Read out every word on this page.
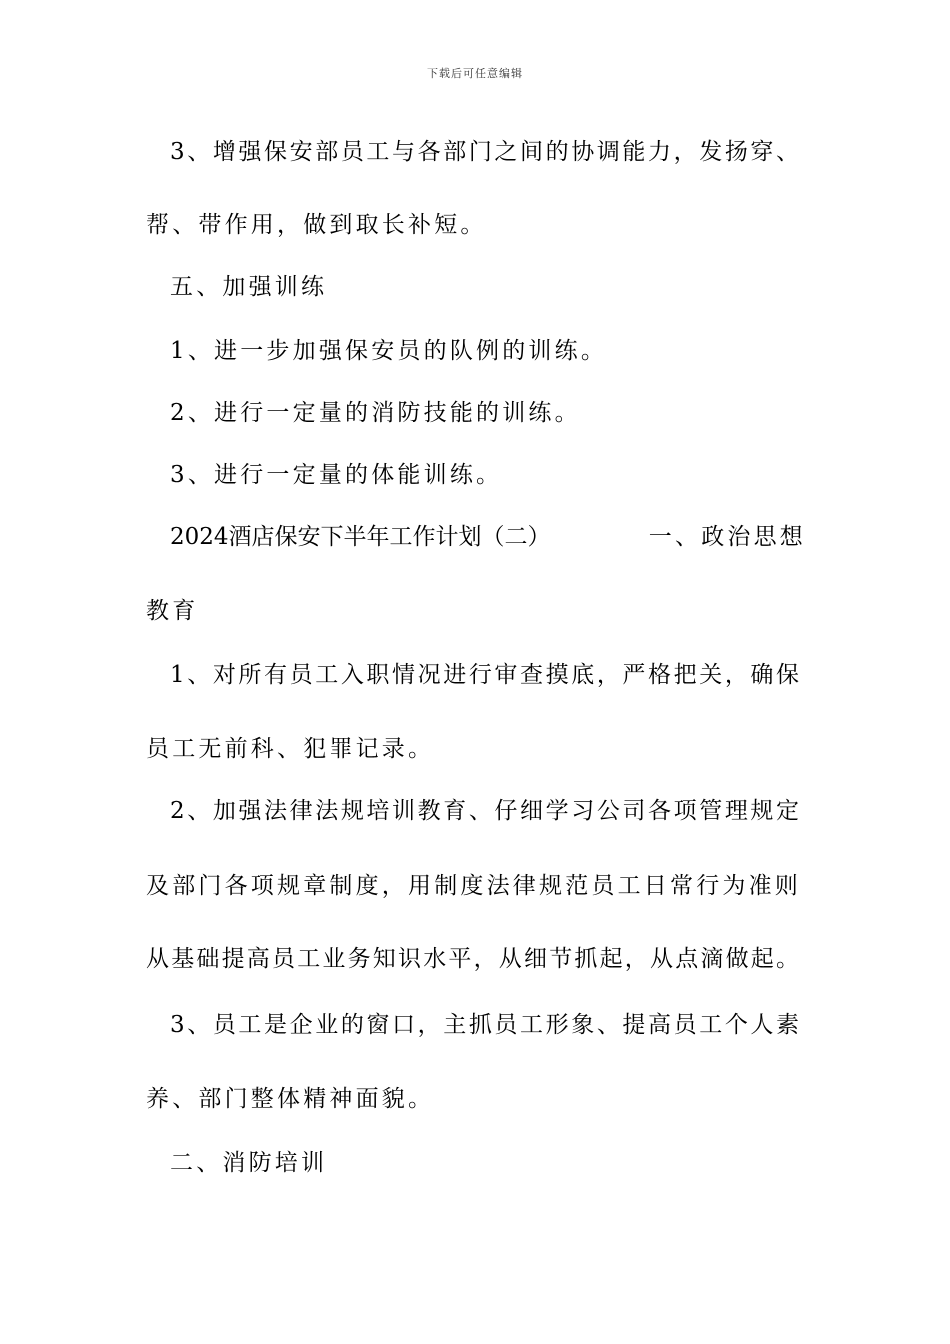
下载后可任意编辑
3、增强保安部员工与各部门之间的协调能力，发扬穿、
帮、带作用，做到取长补短。
五、加强训练
1、进一步加强保安员的队例的训练。
2、进行一定量的消防技能的训练。
3、进行一定量的体能训练。
2024酒店保安下半年工作计划（二）	一、政治思想
教育
1、对所有员工入职情况进行审查摸底，严格把关，确保
员工无前科、犯罪记录。
2、加强法律法规培训教育、仔细学习公司各项管理规定
及部门各项规章制度，用制度法律规范员工日常行为准则
从基础提高员工业务知识水平，从细节抓起，从点滴做起。
3、员工是企业的窗口，主抓员工形象、提高员工个人素
养、部门整体精神面貌。
二、消防培训
